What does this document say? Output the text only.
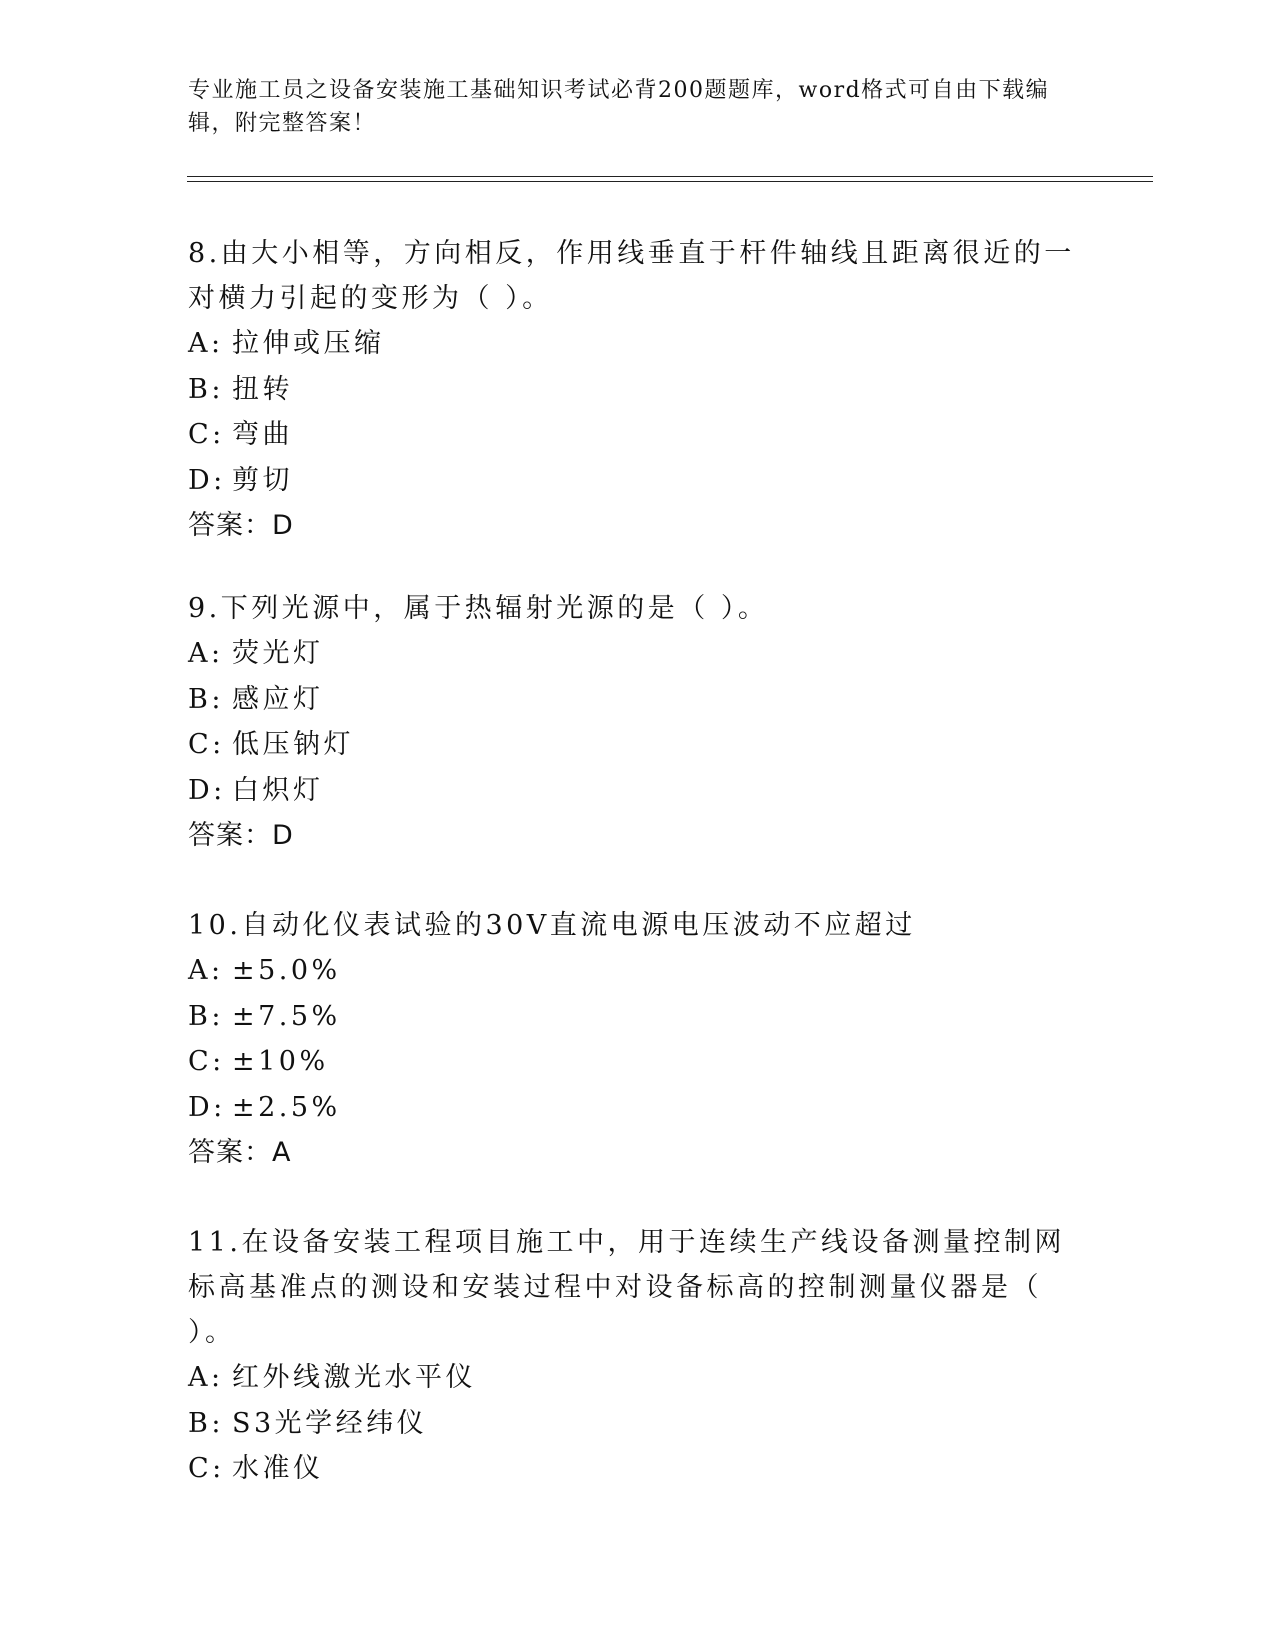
专业施工员之设备安装施工基础知识考试必背200题题库，word格式可自由下载编辑，附完整答案！
8.由大小相等，方向相反，作用线垂直于杆件轴线且距离很近的一对横力引起的变形为（ ）。
A: 拉伸或压缩
B: 扭转
C: 弯曲
D: 剪切
答案：D
9.下列光源中，属于热辐射光源的是（ ）。
A: 荧光灯
B: 感应灯
C: 低压钠灯
D: 白炽灯
答案：D
10.自动化仪表试验的30V直流电源电压波动不应超过
A: ±5.0%
B: ±7.5%
C: ±10%
D: ±2.5%
答案：A
11.在设备安装工程项目施工中，用于连续生产线设备测量控制网标高基准点的测设和安装过程中对设备标高的控制测量仪器是（ ）。
A: 红外线激光水平仪
B: S3光学经纬仪
C: 水准仪
